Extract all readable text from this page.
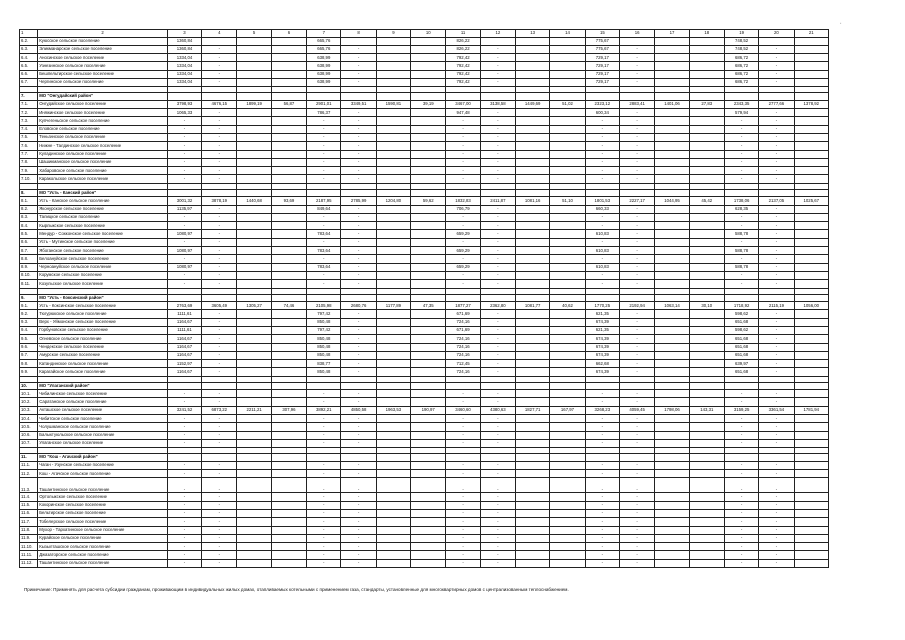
‧
1	2	3	4	5	6	7	8	9	10	11	12	13	14	15	16	17	18	19	20	21
6.2.	Куюсское сельское поселение	1360,84				665,76				826,22				775,67				748,52		
6.3.	Эликманарское сельское поселение	1360,84	-			665,76	-			826,22	-			775,67	-			748,52	-	
6.4.	Аносинское сельское поселение	1334,04	-			638,99	-			792,42	-			729,17	-			686,72	-	
6.5.	Узнезинское сельское поселение	1334,04	-			638,99	-			792,42	-			729,17	-			686,72	-	
6.6.	Бешпельтирское сельское поселение	1334,04	-			638,99	-			792,42	-			729,17	-			686,72	-	
6.7.	Чергинское сельское поселение	1334,04	-			638,99	-			792,42	-			729,17	-			686,72	-	

7.	МО "Онгудайский район"																			
7.1.	Онгудайское сельское поселение	3798,93	4676,15	1899,19	56,87	2901,01	3349,51	1590,81	39,19	3467,00	3138,58	1449,69	51,02	2323,12	2883,41	1401,06	27,83	2343,35	2777,66	1378,92
7.2.	Иняжинское сельское поселение	1065,33	-			786,37	-			947,48	-			600,34	-			579,94	-	
7.3.	Купчегеньское сельское поселение	-	-			-	-			-	-			-	-			-	-	
7.4.	Еловское сельское поселение	-	-			-	-			-	-			-	-			-	-	
7.5.	Теньгинское сельское поселение	-	-			-	-			-	-			-	-			-	-	
7.6.	Нижне - Талдинское сельское поселение	-	-			-	-			-	-			-	-			-	-	
7.7.	Куладинское сельское поселение	-	-			-	-			-	-			-	-			-	-	
7.8.	Шашикманское сельское поселение	-	-			-	-			-	-			-	-			-	-	
7.9.	Хабаровское сельское поселение	-	-			-	-			-	-			-	-			-	-	
7.10.	Каракольское сельское поселение	-	-			-	-			-	-			-	-			-	-	

8.	МО "Усть - Канский район"																			
8.1.	Усть - Канское сельское поселение	3001,32	3878,19	1440,68	93,69	2187,95	2785,99	1204,80	59,62	1832,83	2411,87	1081,16	51,10	1801,53	2227,17	1044,95	45,42	1738,06	2137,05	1025,67
8.2.	Яконурское сельское поселение	1135,97	-			849,64	-			706,79	-			660,33	-			628,35	-	
8.3.	Талицкое сельское поселение	-	-			-	-			-	-			-	-			-	-	
8.4.	Кырлыкское сельское поселение	-	-			-	-			-	-			-	-			-	-	
8.5.	Мендур - Сокконское сельское поселение	1080,97	-			783,64	-			659,29	-			610,83	-			588,78	-	
8.6.	Усть - Мутинское сельское поселение	-	-			-	-			-	-			-	-			-	-	
8.7.	Ябоганское сельское поселение	1080,97	-			783,64	-			659,29	-			610,83	-			588,78	-	
8.8.	Белоануйское сельское поселение	-	-			-	-			-	-			-	-			-	-	
8.9.	Черноануйское сельское поселение	1080,97	-			783,64	-			659,29	-			610,83	-			588,78	-	
8.10.	Корумское сельское поселение	-	-			-	-			-	-			-	-			-	-	
8.11.	Козульское сельское поселение	-	-			-	-			-	-			-	-			-	-	

9.	МО "Усть - Коксинский район"																			
9.1.	Усть - Коксинское сельское поселение	2763,69	3605,49	1305,27	74,46	2105,98	2680,76	1177,89	47,35	1877,27	2362,80	1081,77	40,62	1770,25	2192,94	1063,14	30,10	1718,92	2115,19	1056,00
9.2.	Тюгурюкское сельское поселение	1111,61	-			797,42	-			671,69	-			621,35	-			598,62	-	
9.3.	Верх - Уймонское сельское поселение	1164,67	-			850,48	-			724,16	-			674,39	-			651,68	-	
9.4.	Горбуновское сельское поселение	1111,61	-			797,42	-			671,69	-			621,35	-			598,62	-	
9.5.	Огневское сельское поселение	1164,67	-			850,48	-			724,16	-			674,39	-			651,68	-	
9.6.	Чендекское сельское поселение	1164,67	-			850,48	-			724,16	-			674,39	-			651,68	-	
9.7.	Амурское сельское поселение	1164,67	-			850,48	-			724,16	-			674,39	-			651,68	-	
9.8.	Катандинское сельское поселение	1152,97	-			838,77	-			712,45	-			662,68	-			639,97	-	
9.9.	Карагайское сельское поселение	1164,67	-			850,48	-			724,16	-			674,39	-			651,68	-	

10.	МО "Улаганский район"																			
10.1.	Чибилинское сельское поселение	-	-			-	-			-	-			-	-			-	-	
10.2.	Саратанское сельское поселение	-	-			-	-			-	-			-	-			-	-	
10.3.	Акташское сельское поселение	3241,52	6873,22	2211,21	307,96	3892,21	4850,58	1963,53	190,97	3460,60	4380,63	1827,71	167,97	3268,23	4059,45	1798,06	143,31	3159,25	3361,54	1781,94
10.4.	Чибитское сельское поселение	-	-			-	-			-	-			-	-			-	-	
10.5.	Чолушманское сельское поселение	-	-			-	-			-	-			-	-			-	-	
10.6.	Балыктуюльское сельское поселение	-	-			-	-			-	-			-	-			-	-	
10.7.	Улаганское сельское поселение	-	-			-	-			-	-			-	-			-	-	

11.	МО "Кош - Агачский район"																			
11.1.	Чаган - Узунское сельское поселение	-	-			-	-			-	-			-	-			-	-	
11.2.	Кош - Агачское сельское поселение	-	-			-	-			-	-			-	-			-	-	
11.3.	Ташантинское сельское поселение	-	-			-	-			-	-			-	-			-	-	
11.4.	Ортолыкское сельское поселение	-	-			-	-			-	-			-	-			-	-	
11.5.	Кокоринское сельское поселение	-	-			-	-			-	-			-	-			-	-	
11.6.	Бельтирское сельское поселение	-	-			-	-			-	-			-	-			-	-	
11.7.	Тобелерское сельское поселение	-	-			-	-			-	-			-	-			-	-	
11.8.	Мухор - Тархатинское сельское поселение	-	-			-	-			-	-			-	-			-	-	
11.9.	Курайское сельское поселение	-	-			-	-			-	-			-	-			-	-	
11.10.	Кызылташское сельское поселение	-	-			-	-			-	-			-	-			-	-	
11.11.	Джазаторское сельское поселение	-	-			-	-			-	-			-	-			-	-	
11.12.	Ташантинское сельское поселение	-	-			-	-			-	-			-	-			-	-	
Примечание: Применять для расчета субсидии гражданам, проживающим в индивидуальных жилых домах, отапливаемых котельными с применением газа, стандарты, установленные для многоквартирных домов с централизованным теплоснабжением.
